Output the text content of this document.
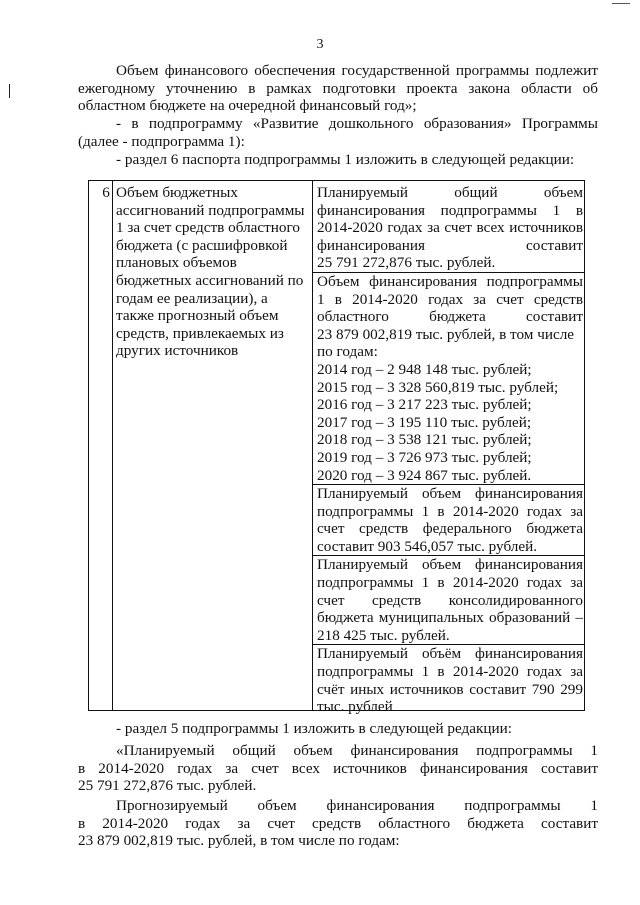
3

Объем финансового обеспечения государственной программы подлежит
ежегодному уточнению в рамках подготовки проекта закона области об
областном бюджете на очередной финансовый год»;

- в подпрограмму «Развитие дошкольного образования» Программы
(далее - подпрограмма 1):

- раздел 6 паспорта подпрограммы 1 изложить в следующей редакции:

6 Объем бюджетных
ассигнований подпрограммы
1 за счет средств областного
бюджета (с расшифровкой
плановых объемов
бюджетных ассигнований по
годам ее реализации), а
также прогнозный объем
средств, привлекаемых из
других источников
Планируемый общий объем
финансирования подпрограммы 1 в
2014-2020 годах за счет всех источников
финансирования составит
25 791 272,876 тыс. рублей.
Объем финансирования подпрограммы
1 в 2014-2020 годах за счет средств
областного бюджета составит
23 879 002,819 тыс. рублей, в том числе
по годам:
2014 год – 2 948 148 тыс. рублей;
2015 год – 3 328 560,819 тыс. рублей;
2016 год – 3 217 223 тыс. рублей;
2017 год – 3 195 110 тыс. рублей;
2018 год – 3 538 121 тыс. рублей;
2019 год – 3 726 973 тыс. рублей;
2020 год – 3 924 867 тыс. рублей.
Планируемый объем финансирования
подпрограммы 1 в 2014-2020 годах за
счет средств федерального бюджета
составит 903 546,057 тыс. рублей.
Планируемый объем финансирования
подпрограммы 1 в 2014-2020 годах за
счет средств консолидированного
бюджета муниципальных образований –
218 425 тыс. рублей.
Планируемый объём финансирования
подпрограммы 1 в 2014-2020 годах за
счёт иных источников составит 790 299
тыс. рублей

- раздел 5 подпрограммы 1 изложить в следующей редакции:

«Планируемый общий объем финансирования подпрограммы 1
в 2014-2020 годах за счет всех источников финансирования составит
25 791 272,876 тыс. рублей.

Прогнозируемый объем финансирования подпрограммы 1
в 2014-2020 годах за счет средств областного бюджета составит
23 879 002,819 тыс. рублей, в том числе по годам:
